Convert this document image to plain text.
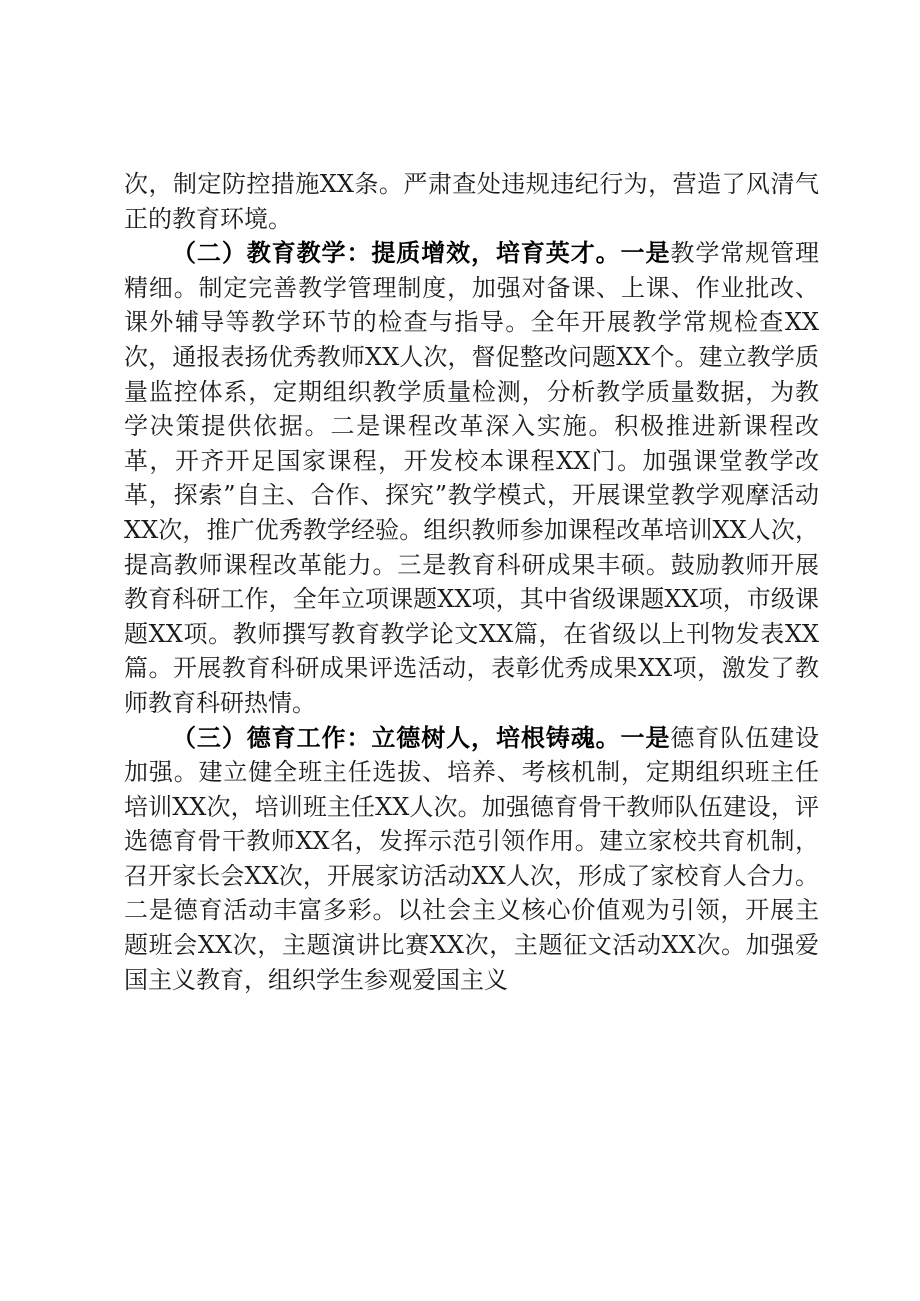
次，制定防控措施XX条。严肃查处违规违纪行为，营造了风清气正的教育环境。

（二）教育教学：提质增效，培育英才。一是教学常规管理精细。制定完善教学管理制度，加强对备课、上课、作业批改、课外辅导等教学环节的检查与指导。全年开展教学常规检查XX次，通报表扬优秀教师XX人次，督促整改问题XX个。建立教学质量监控体系，定期组织教学质量检测，分析教学质量数据，为教学决策提供依据。二是课程改革深入实施。积极推进新课程改革，开齐开足国家课程，开发校本课程XX门。加强课堂教学改革，探索”自主、合作、探究”教学模式，开展课堂教学观摩活动XX次，推广优秀教学经验。组织教师参加课程改革培训XX人次，提高教师课程改革能力。三是教育科研成果丰硕。鼓励教师开展教育科研工作，全年立项课题XX项，其中省级课题XX项，市级课题XX项。教师撰写教育教学论文XX篇，在省级以上刊物发表XX篇。开展教育科研成果评选活动，表彰优秀成果XX项，激发了教师教育科研热情。

（三）德育工作：立德树人，培根铸魂。一是德育队伍建设加强。建立健全班主任选拔、培养、考核机制，定期组织班主任培训XX次，培训班主任XX人次。加强德育骨干教师队伍建设，评选德育骨干教师XX名，发挥示范引领作用。建立家校共育机制，召开家长会XX次，开展家访活动XX人次，形成了家校育人合力。二是德育活动丰富多彩。以社会主义核心价值观为引领，开展主题班会XX次，主题演讲比赛XX次，主题征文活动XX次。加强爱国主义教育，组织学生参观爱国主义
